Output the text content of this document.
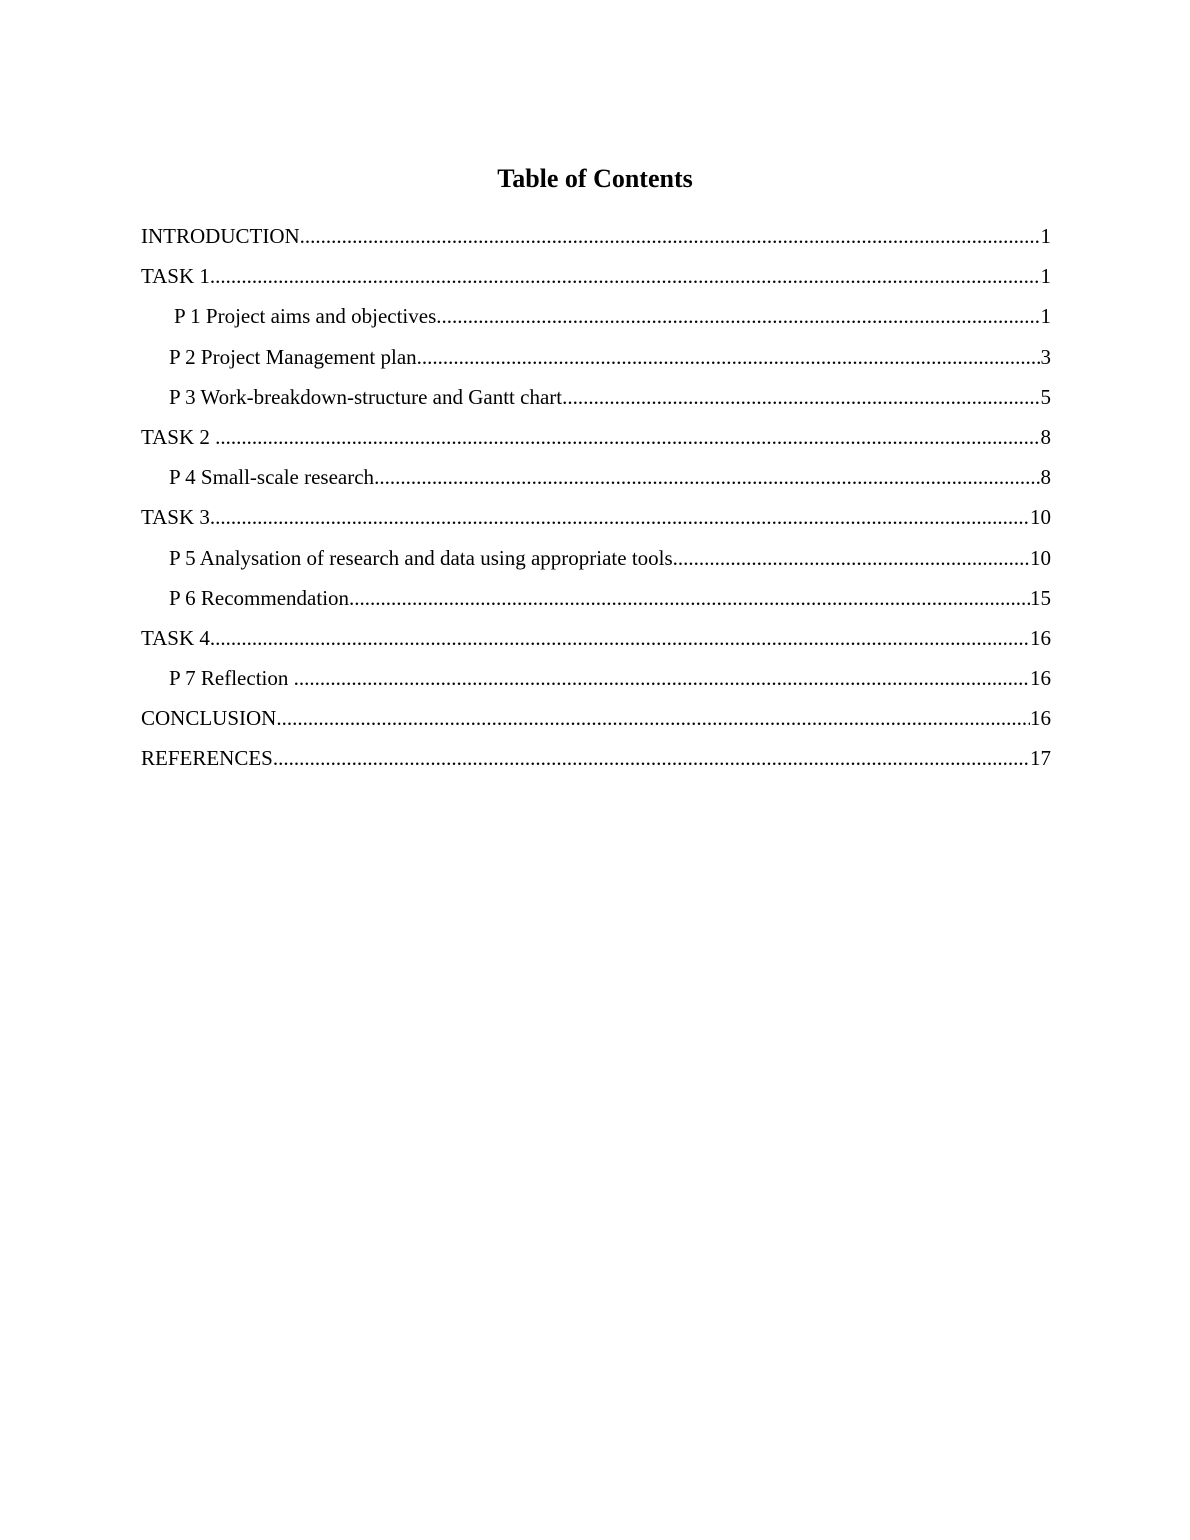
Table of Contents
INTRODUCTION .....	1
TASK 1 .....	1
P 1 Project aims and objectives .....	1
P 2 Project Management plan .....	3
P 3 Work-breakdown-structure and Gantt chart .....	5
TASK 2 .....	8
P 4 Small-scale research .....	8
TASK 3 .....	10
P 5 Analysation of research and data using appropriate tools .....	10
P 6 Recommendation .....	15
TASK 4 .....	16
P 7 Reflection .....	16
CONCLUSION .....	16
REFERENCES .....	17
